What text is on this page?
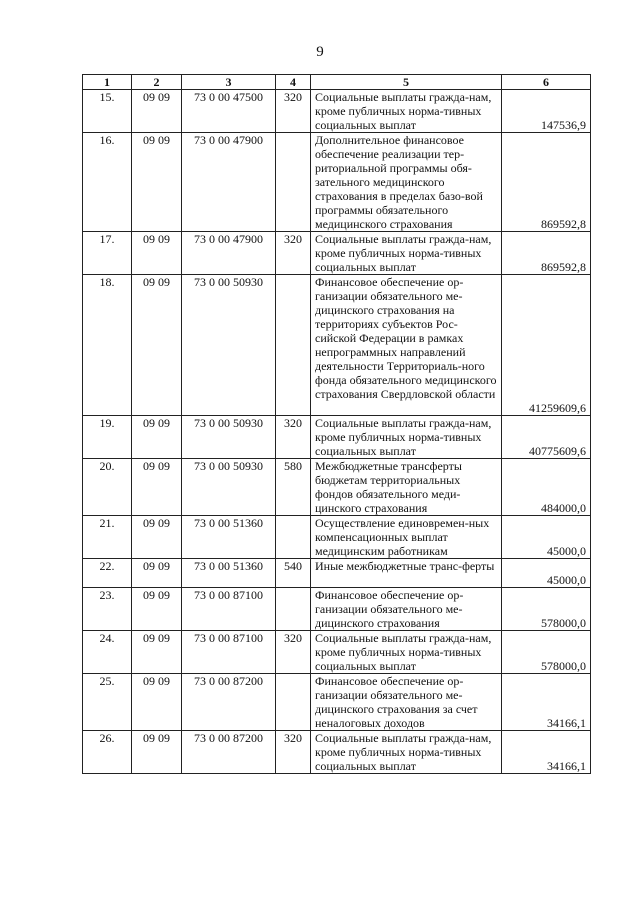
9
1	2	3	4	5	6
15.	09 09	73 0 00 47500	320	Социальные выплаты граждa-нам, кроме публичных норма-тивных социальных выплат	147536,9
16.	09 09	73 0 00 47900		Дополнительное финансовое обеспечение реализации тер-риториальной программы обя-зательного медицинского страхования в пределах базо-вой программы обязательного медицинского страхования	869592,8
17.	09 09	73 0 00 47900	320	Социальные выплаты гражда-нам, кроме публичных норма-тивных социальных выплат	869592,8
18.	09 09	73 0 00 50930		Финансовое обеспечение ор-ганизации обязательного ме-дицинского страхования на территориях субъектов Рос-сийской Федерации в рамках непрограммных направлений деятельности Территориаль-ного фонда обязательного медицинского страхования Свердловской области	41259609,6
19.	09 09	73 0 00 50930	320	Социальные выплаты гражда-нам, кроме публичных норма-тивных социальных выплат	40775609,6
20.	09 09	73 0 00 50930	580	Межбюджетные трансферты бюджетам территориальных фондов обязательного меди-цинского страхования	484000,0
21.	09 09	73 0 00 51360		Осуществление единовремен-ных компенсационных выплат медицинским работникам	45000,0
22.	09 09	73 0 00 51360	540	Иные межбюджетные транс-ферты	45000,0
23.	09 09	73 0 00 87100		Финансовое обеспечение ор-ганизации обязательного ме-дицинского страхования	578000,0
24.	09 09	73 0 00 87100	320	Социальные выплаты гражда-нам, кроме публичных норма-тивных социальных выплат	578000,0
25.	09 09	73 0 00 87200		Финансовое обеспечение ор-ганизации обязательного ме-дицинского страхования за счет неналоговых доходов	34166,1
26.	09 09	73 0 00 87200	320	Социальные выплаты гражда-нам, кроме публичных норма-тивных социальных выплат	34166,1
